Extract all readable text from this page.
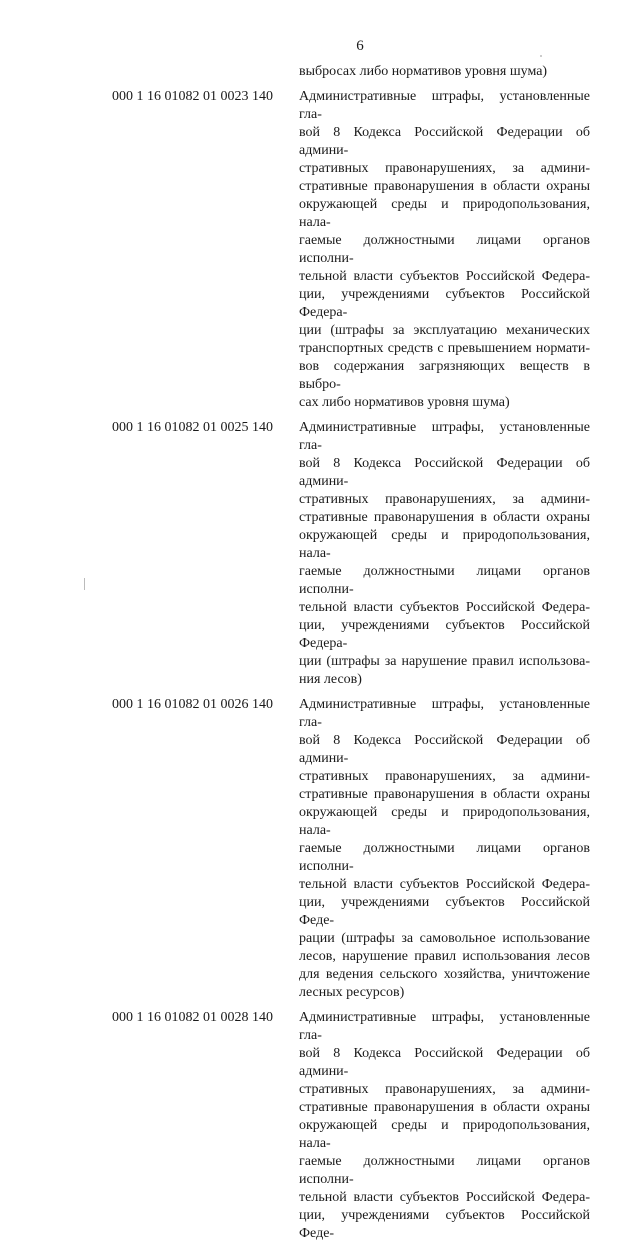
6
выбросах либо нормативов уровня шума)
000 1 16 01082 01 0023 140 Административные штрафы, установленные гла-
вой 8 Кодекса Российской Федерации об админи-
стративных правонарушениях, за админи-
стративные правонарушения в области охраны
окружающей среды и природопользования, нала-
гаемые должностными лицами органов исполни-
тельной власти субъектов Российской Федера-
ции, учреждениями субъектов Российской Федера-
ции (штрафы за эксплуатацию механических
транспортных средств с превышением нормати-
вов содержания загрязняющих веществ в выбро-
сах либо нормативов уровня шума)
000 1 16 01082 01 0025 140 Административные штрафы, установленные гла-
вой 8 Кодекса Российской Федерации об админи-
стративных правонарушениях, за админи-
стративные правонарушения в области охраны
окружающей среды и природопользования, нала-
гаемые должностными лицами органов исполни-
тельной власти субъектов Российской Федера-
ции, учреждениями субъектов Российской Федера-
ции (штрафы за нарушение правил использова-
ния лесов)
000 1 16 01082 01 0026 140 Административные штрафы, установленные гла-
вой 8 Кодекса Российской Федерации об админи-
стративных правонарушениях, за админи-
стративные правонарушения в области охраны
окружающей среды и природопользования, нала-
гаемые должностными лицами органов исполни-
тельной власти субъектов Российской Федера-
ции, учреждениями субъектов Российской Феде-
рации (штрафы за самовольное использование
лесов, нарушение правил использования лесов
для ведения сельского хозяйства, уничтожение
лесных ресурсов)
000 1 16 01082 01 0028 140 Административные штрафы, установленные гла-
вой 8 Кодекса Российской Федерации об админи-
стративных правонарушениях, за админи-
стративные правонарушения в области охраны
окружающей среды и природопользования, нала-
гаемые должностными лицами органов исполни-
тельной власти субъектов Российской Федера-
ции, учреждениями субъектов Российской Феде-
